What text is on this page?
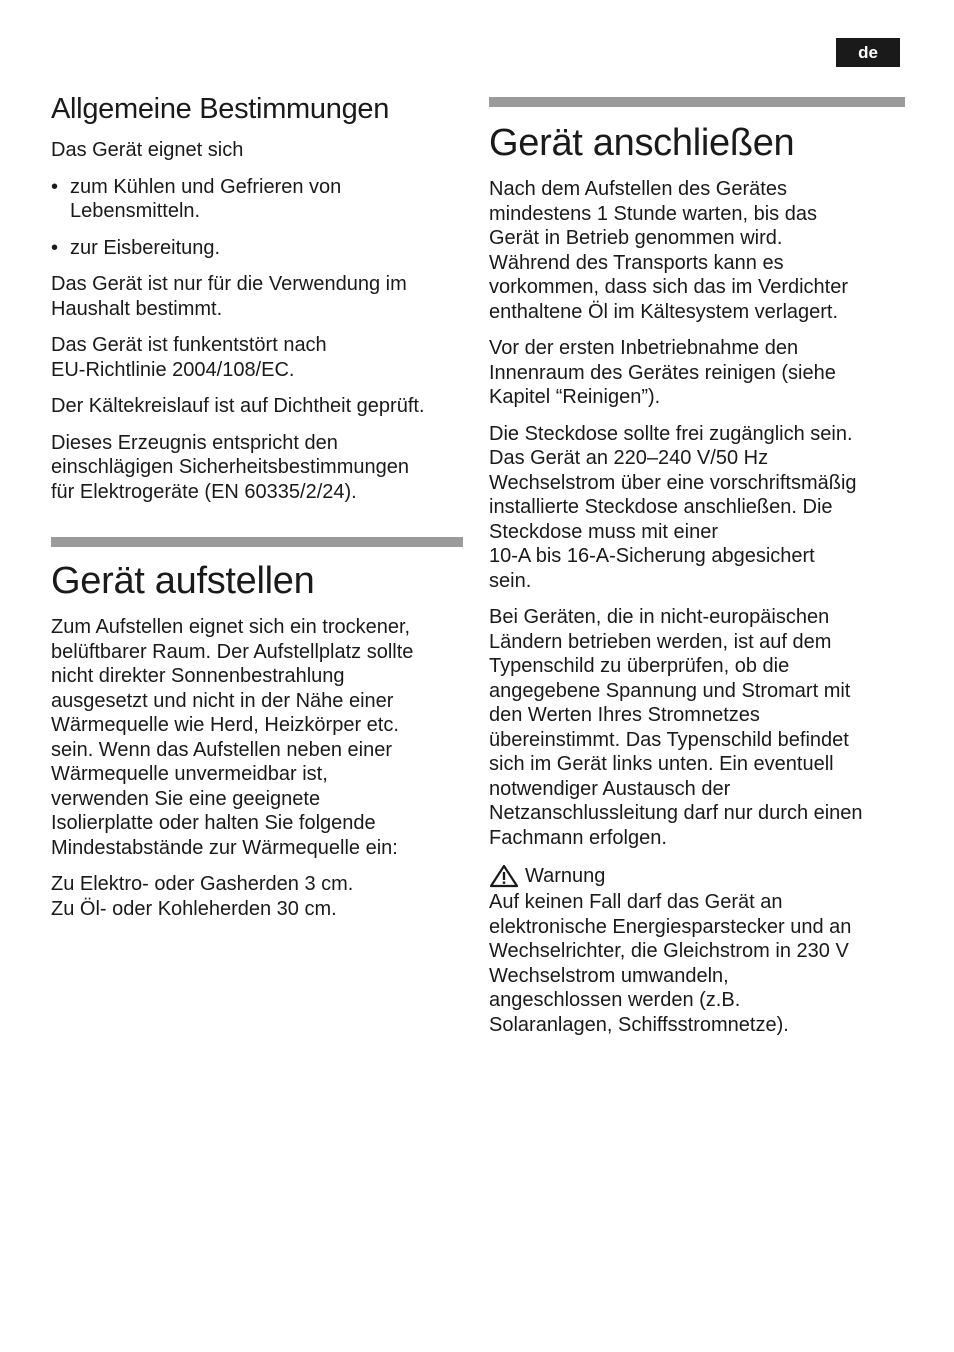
de
Allgemeine Bestimmungen

Das Gerät eignet sich

• zum Kühlen und Gefrieren von
Lebensmitteln.
• zur Eisbereitung.

Das Gerät ist nur für die Verwendung im
Haushalt bestimmt.

Das Gerät ist funkentstört nach
EU-Richtlinie 2004/108/EC.

Der Kältekreislauf ist auf Dichtheit geprüft.

Dieses Erzeugnis entspricht den
einschlägigen Sicherheitsbestimmungen
für Elektrogeräte (EN 60335/2/24).

Gerät aufstellen

Zum Aufstellen eignet sich ein trockener,
belüftbarer Raum. Der Aufstellplatz sollte
nicht direkter Sonnenbestrahlung
ausgesetzt und nicht in der Nähe einer
Wärmequelle wie Herd, Heizkörper etc.
sein. Wenn das Aufstellen neben einer
Wärmequelle unvermeidbar ist,
verwenden Sie eine geeignete
Isolierplatte oder halten Sie folgende
Mindestabstände zur Wärmequelle ein:

Zu Elektro- oder Gasherden 3 cm.
Zu Öl- oder Kohleherden 30 cm.

Gerät anschließen

Nach dem Aufstellen des Gerätes
mindestens 1 Stunde warten, bis das
Gerät in Betrieb genommen wird.
Während des Transports kann es
vorkommen, dass sich das im Verdichter
enthaltene Öl im Kältesystem verlagert.

Vor der ersten Inbetriebnahme den
Innenraum des Gerätes reinigen (siehe
Kapitel “Reinigen”).

Die Steckdose sollte frei zugänglich sein.
Das Gerät an 220–240 V/50 Hz
Wechselstrom über eine vorschriftsmäßig
installierte Steckdose anschließen. Die
Steckdose muss mit einer
10-A bis 16-A-Sicherung abgesichert
sein.

Bei Geräten, die in nicht-europäischen
Ländern betrieben werden, ist auf dem
Typenschild zu überprüfen, ob die
angegebene Spannung und Stromart mit
den Werten Ihres Stromnetzes
übereinstimmt. Das Typenschild befindet
sich im Gerät links unten. Ein eventuell
notwendiger Austausch der
Netzanschlussleitung darf nur durch einen
Fachmann erfolgen.

Warnung

Auf keinen Fall darf das Gerät an
elektronische Energiesparstecker und an
Wechselrichter, die Gleichstrom in 230 V
Wechselstrom umwandeln,
angeschlossen werden (z.B.
Solaranlagen, Schiffsstromnetze).
